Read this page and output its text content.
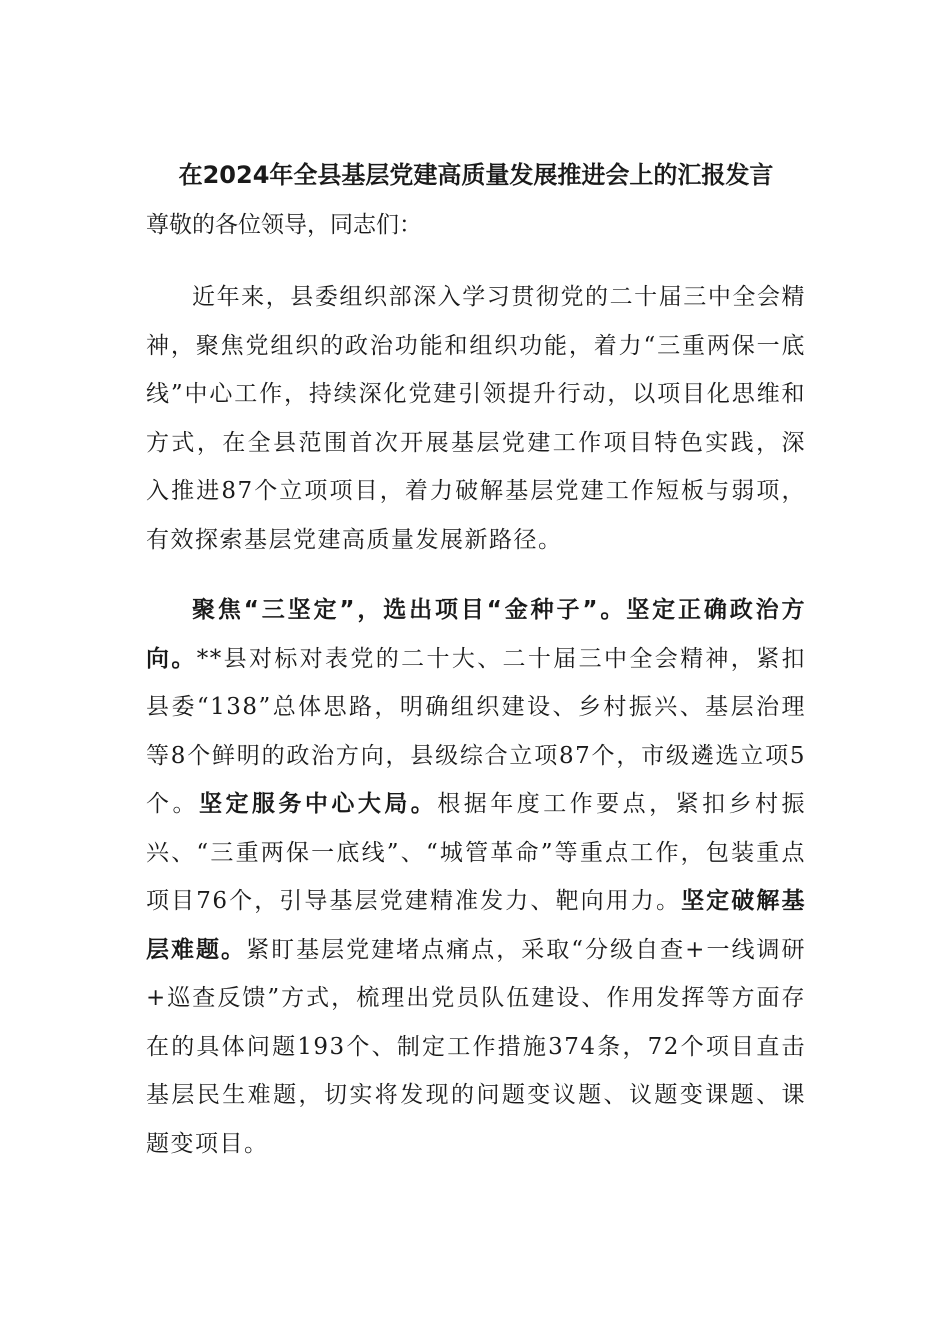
在2024年全县基层党建高质量发展推进会上的汇报发言
尊敬的各位领导，同志们：

近年来，县委组织部深入学习贯彻党的二十届三中全会精神，聚焦党组织的政治功能和组织功能，着力“三重两保一底线”中心工作，持续深化党建引领提升行动，以项目化思维和方式，在全县范围首次开展基层党建工作项目特色实践，深入推进87个立项项目，着力破解基层党建工作短板与弱项，有效探索基层党建高质量发展新路径。

聚焦“三坚定”，选出项目“金种子”。坚定正确政治方向。**县对标对表党的二十大、二十届三中全会精神，紧扣县委“138”总体思路，明确组织建设、乡村振兴、基层治理等8个鲜明的政治方向，县级综合立项87个，市级遴选立项5个。坚定服务中心大局。根据年度工作要点，紧扣乡村振兴、“三重两保一底线”、“城管革命”等重点工作，包装重点项目76个，引导基层党建精准发力、靶向用力。坚定破解基层难题。紧盯基层党建堵点痛点，采取“分级自查+一线调研+巡查反馈”方式，梳理出党员队伍建设、作用发挥等方面存在的具体问题193个、制定工作措施374条，72个项目直击基层民生难题，切实将发现的问题变议题、议题变课题、课题变项目。
